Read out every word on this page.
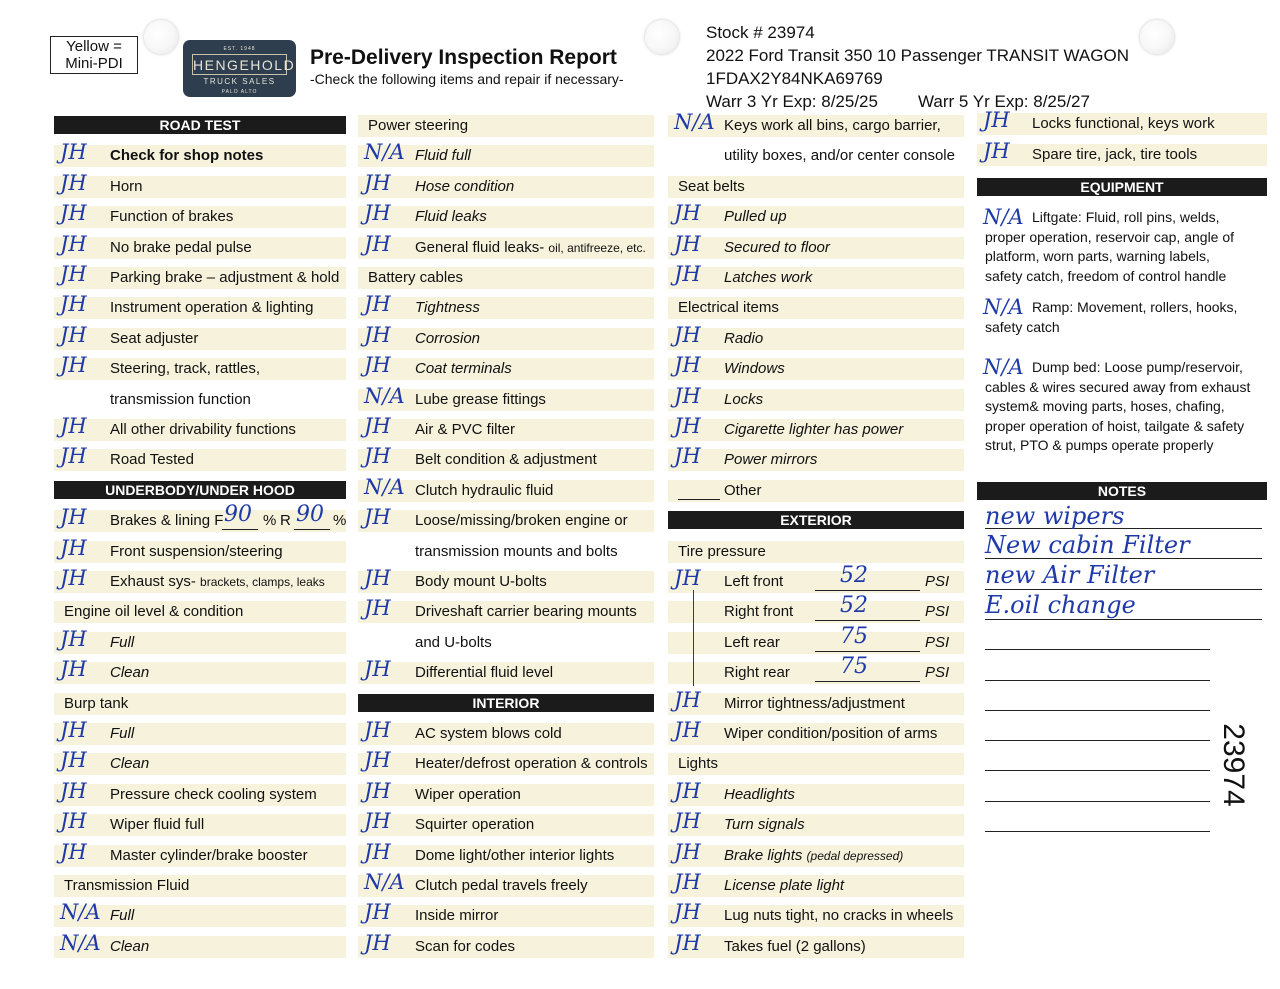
Yellow =
Mini-PDI
EST. 1948
HENGEHOLD
TRUCK SALES
PALO ALTO
Pre-Delivery Inspection Report
-Check the following items and repair if necessary-
Stock # 23974
2022 Ford Transit 350 10 Passenger TRANSIT WAGON
1FDAX2Y84NKA69769
Warr 3 Yr Exp: 8/25/25 Warr 5 Yr Exp: 8/25/27
ROAD TEST
JH Check for shop notes
JH Horn
JH Function of brakes
JH No brake pedal pulse
JH Parking brake – adjustment & hold
JH Instrument operation & lighting
JH Seat adjuster
JH Steering, track, rattles,
transmission function
JH All other drivability functions
JH Road Tested
UNDERBODY/UNDER HOOD
JH Brakes & lining F 90 % R 90 %
JH Front suspension/steering
JH Exhaust sys- brackets, clamps, leaks
Engine oil level & condition
JH Full
JH Clean
Burp tank
JH Full
JH Clean
JH Pressure check cooling system
JH Wiper fluid full
JH Master cylinder/brake booster
Transmission Fluid
N/A Full
N/A Clean
Power steering
N/A Fluid full
JH Hose condition
JH Fluid leaks
JH General fluid leaks- oil, antifreeze, etc.
Battery cables
JH Tightness
JH Corrosion
JH Coat terminals
N/A Lube grease fittings
JH Air & PVC filter
JH Belt condition & adjustment
N/A Clutch hydraulic fluid
JH Loose/missing/broken engine or
transmission mounts and bolts
JH Body mount U-bolts
JH Driveshaft carrier bearing mounts
and U-bolts
JH Differential fluid level
INTERIOR
JH AC system blows cold
JH Heater/defrost operation & controls
JH Wiper operation
JH Squirter operation
JH Dome light/other interior lights
N/A Clutch pedal travels freely
JH Inside mirror
JH Scan for codes
N/A Keys work all bins, cargo barrier,
utility boxes, and/or center console
Seat belts
JH Pulled up
JH Secured to floor
JH Latches work
Electrical items
JH Radio
JH Windows
JH Locks
JH Cigarette lighter has power
JH Power mirrors
Other
EXTERIOR
Tire pressure
JH Left front	52	PSI
Right front 52	PSI
Left rear	75	PSI
Right rear 75	PSI
JH Mirror tightness/adjustment
JH Wiper condition/position of arms
Lights
JH Headlights
JH Turn signals
JH Brake lights (pedal depressed)
JH License plate light
JH Lug nuts tight, no cracks in wheels
JH Takes fuel (2 gallons)
JH Locks functional, keys work
JH Spare tire, jack, tire tools
EQUIPMENT
N/A Liftgate: Fluid, roll pins, welds,
proper operation, reservoir cap, angle of
platform, worn parts, warning labels,
safety catch, freedom of control handle
N/A Ramp: Movement, rollers, hooks,
safety catch
N/A Dump bed: Loose pump/reservoir,
cables & wires secured away from exhaust
system& moving parts, hoses, chafing,
proper operation of hoist, tailgate & safety
strut, PTO & pumps operate properly
NOTES
new wipers
New cabin Filter
new Air Filter
E.oil change
23974
